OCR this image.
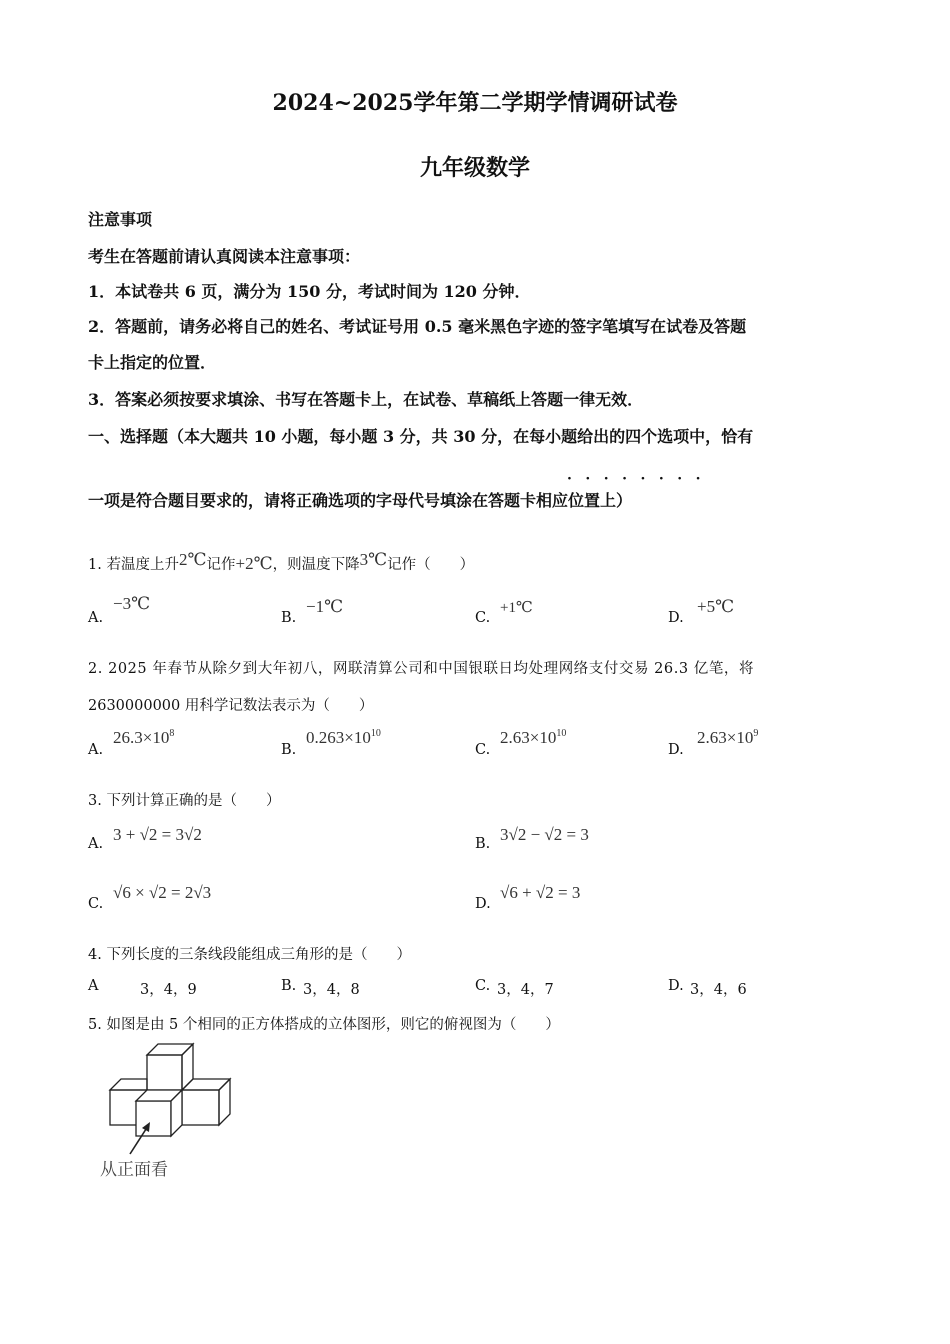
2024~2025学年第二学期学情调研试卷
九年级数学
注意事项
考生在答题前请认真阅读本注意事项：
1．本试卷共 6 页，满分为 150 分，考试时间为 120 分钟．
2．答题前，请务必将自己的姓名、考试证号用 0.5 毫米黑色字迹的签字笔填写在试卷及答题
卡上指定的位置．
3．答案必须按要求填涂、书写在答题卡上，在试卷、草稿纸上答题一律无效．
一、选择题（本大题共 10 小题，每小题 3 分，共 30 分，在每小题给出的四个选项中，恰有
········
一项是符合题目要求的，请将正确选项的字母代号填涂在答题卡相应位置上）
1. 若温度上升2℃记作+2℃，则温度下降3℃记作（　　）
A.
−3℃
B.
−1℃
C.
+1℃
D.
+5℃
2. 2025 年春节从除夕到大年初八，网联清算公司和中国银联日均处理网络支付交易 26.3 亿笔，将
2630000000 用科学记数法表示为（　　）
A.
$26.3\times 10^8$
B.
$0.263\times 10^{10}$
C.
$2.63\times 10^{10}$
D.
$2.63\times 10^9$
3. 下列计算正确的是（　　）
A. 3 + √2 = 3√2	B. 3√2 − √2 = 3
C.
√6 × √2 = 2√3
D.
√6 + √2 = 3
4. 下列长度的三条线段能组成三角形的是（　　）
A	3，4，9	B. 3，4，8	C. 3，4，7	D. 3，4，6
5. 如图是由 5 个相同的正方体搭成的立体图形，则它的俯视图为（　　）
从正面看
